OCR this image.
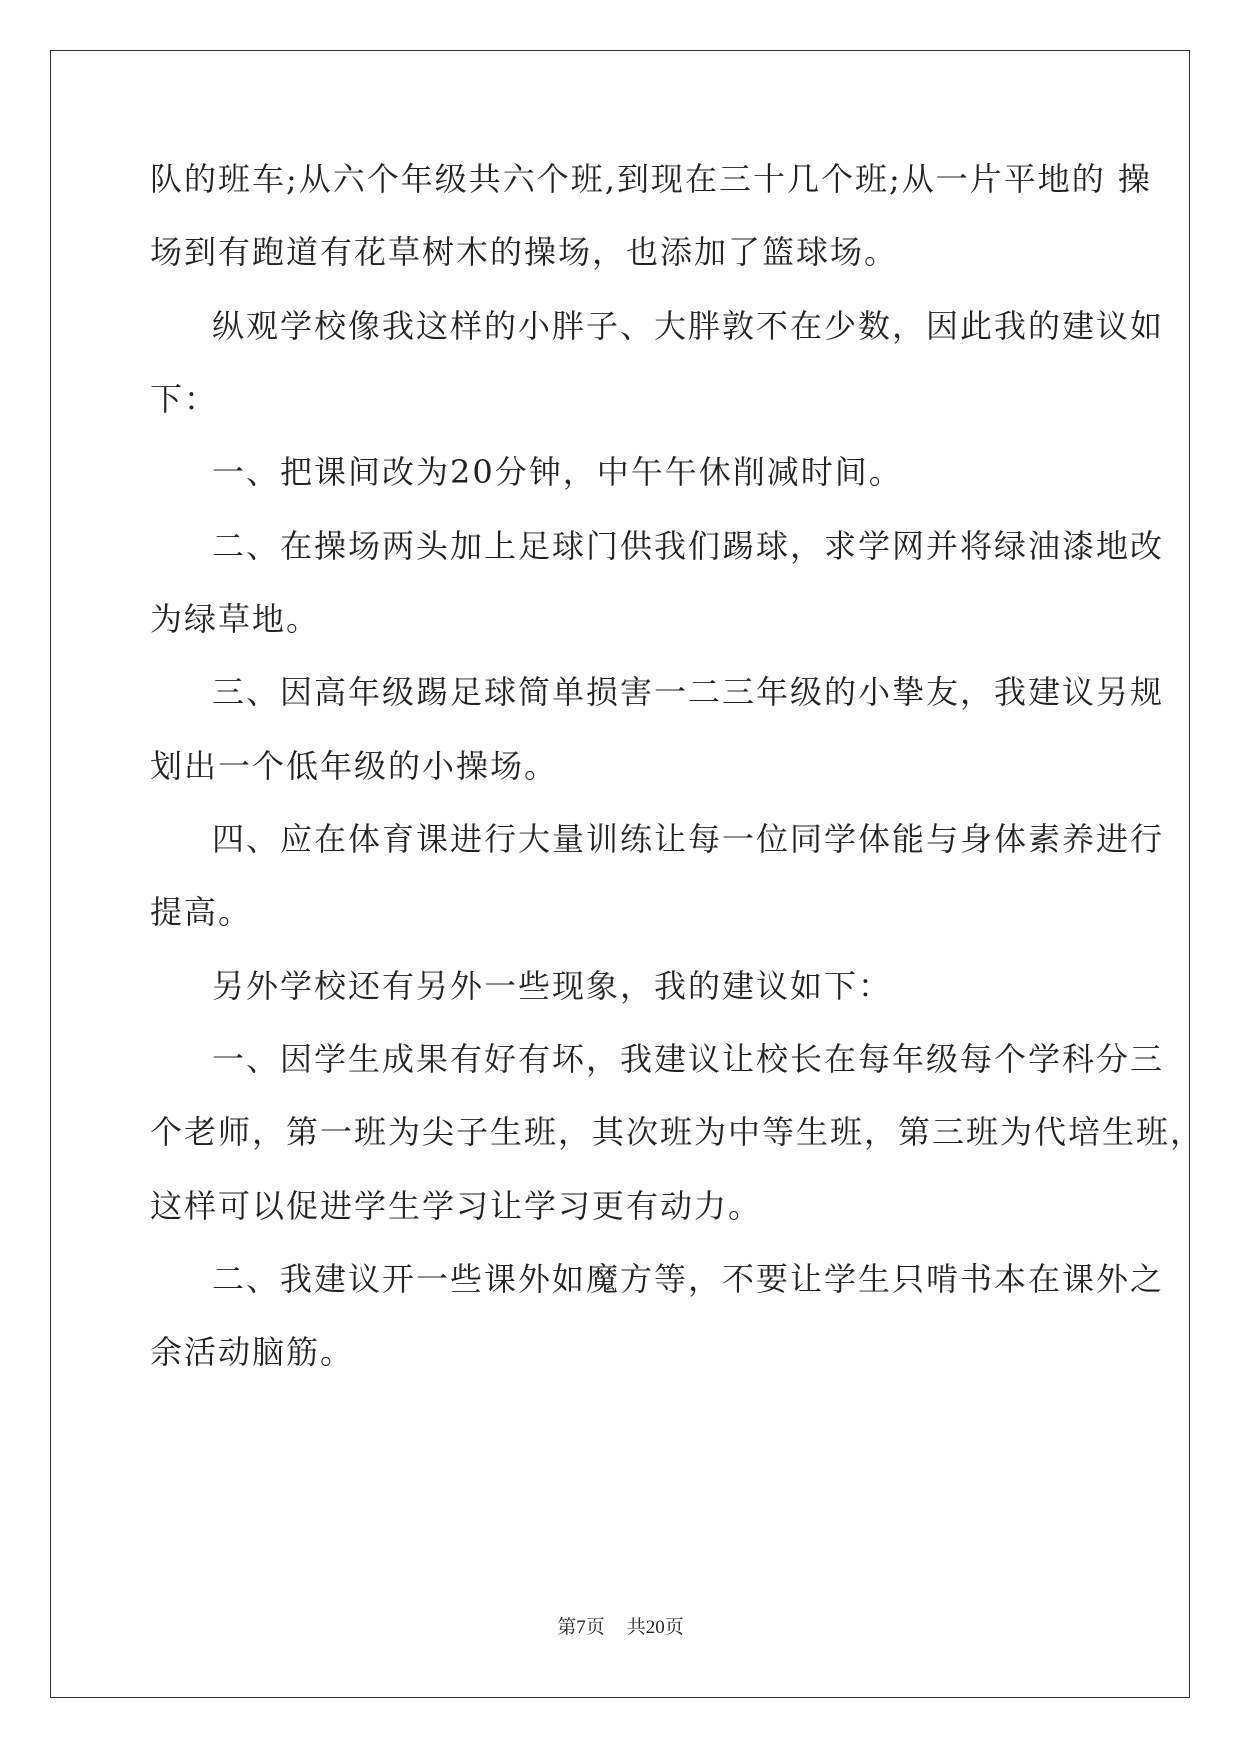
队的班车;从六个年级共六个班,到现在三十几个班;从一片平地的 操
场到有跑道有花草树木的操场，也添加了篮球场。
纵观学校像我这样的小胖子、大胖敦不在少数，因此我的建议如
下：
一、把课间改为20分钟，中午午休削减时间。
二、在操场两头加上足球门供我们踢球，求学网并将绿油漆地改
为绿草地。
三、因高年级踢足球简单损害一二三年级的小挚友，我建议另规
划出一个低年级的小操场。
四、应在体育课进行大量训练让每一位同学体能与身体素养进行
提高。
另外学校还有另外一些现象，我的建议如下：
一、因学生成果有好有坏，我建议让校长在每年级每个学科分三
个老师，第一班为尖子生班，其次班为中等生班，第三班为代培生班，
这样可以促进学生学习让学习更有动力。
二、我建议开一些课外如魔方等，不要让学生只啃书本在课外之
余活动脑筋。
第7页 共20页
